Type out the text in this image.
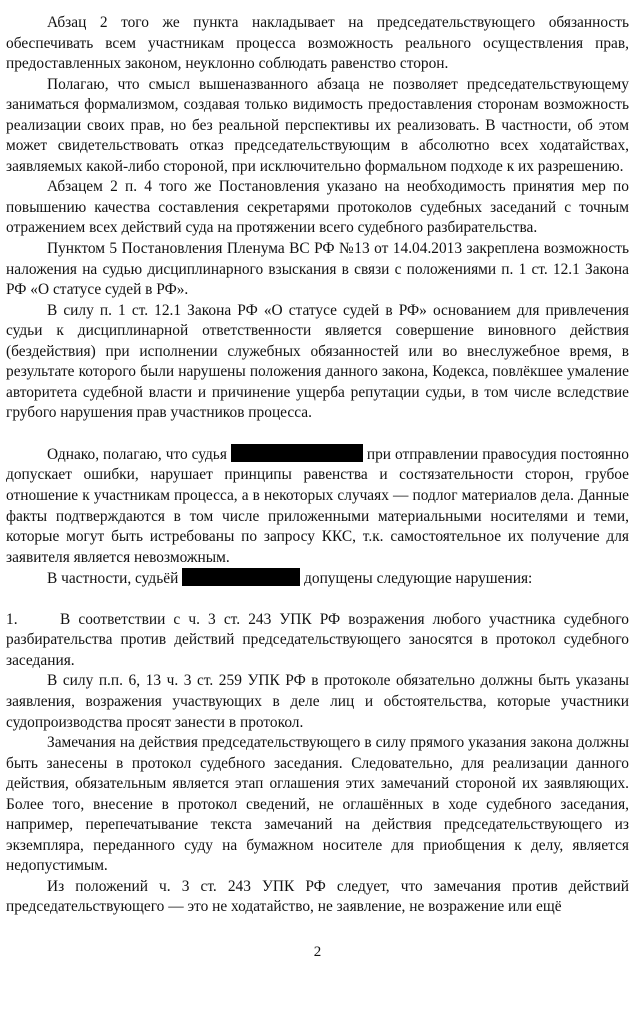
Абзац 2 того же пункта накладывает на председательствующего обязанность обеспечивать всем участникам процесса возможность реального осуществления прав, предоставленных законом, неуклонно соблюдать равенство сторон.

Полагаю, что смысл вышеназванного абзаца не позволяет председательствующему заниматься формализмом, создавая только видимость предоставления сторонам возможность реализации своих прав, но без реальной перспективы их реализовать. В частности, об этом может свидетельствовать отказ председательствующим в абсолютно всех ходатайствах, заявляемых какой-либо стороной, при исключительно формальном подходе к их разрешению.

Абзацем 2 п. 4 того же Постановления указано на необходимость принятия мер по повышению качества составления секретарями протоколов судебных заседаний с точным отражением всех действий суда на протяжении всего судебного разбирательства.

Пунктом 5 Постановления Пленума ВС РФ №13 от 14.04.2013 закреплена возможность наложения на судью дисциплинарного взыскания в связи с положениями п. 1 ст. 12.1 Закона РФ «О статусе судей в РФ».

В силу п. 1 ст. 12.1 Закона РФ «О статусе судей в РФ» основанием для привлечения судьи к дисциплинарной ответственности является совершение виновного действия (бездействия) при исполнении служебных обязанностей или во внеслужебное время, в результате которого были нарушены положения данного закона, Кодекса, повлёкшее умаление авторитета судебной власти и причинение ущерба репутации судьи, в том числе вследствие грубого нарушения прав участников процесса.

Однако, полагаю, что судья	при отправлении правосудия постоянно допускает ошибки, нарушает принципы равенства и состязательности сторон, грубое отношение к участникам процесса, а в некоторых случаях — подлог материалов дела. Данные факты подтверждаются в том числе приложенными материальными носителями и теми, которые могут быть истребованы по запросу ККС, т.к. самостоятельное их получение для заявителя является невозможным.

В частности, судьёй	допущены следующие нарушения:

1.	В соответствии с ч. 3 ст. 243 УПК РФ возражения любого участника судебного разбирательства против действий председательствующего заносятся в протокол судебного заседания.

В силу п.п. 6, 13 ч. 3 ст. 259 УПК РФ в протоколе обязательно должны быть указаны заявления, возражения участвующих в деле лиц и обстоятельства, которые участники судопроизводства просят занести в протокол.

Замечания на действия председательствующего в силу прямого указания закона должны быть занесены в протокол судебного заседания. Следовательно, для реализации данного действия, обязательным является этап оглашения этих замечаний стороной их заявляющих. Более того, внесение в протокол сведений, не оглашённых в ходе судебного заседания, например, перепечатывание текста замечаний на действия председательствующего из экземпляра, переданного суду на бумажном носителе для приобщения к делу, является недопустимым.

Из положений ч. 3 ст. 243 УПК РФ следует, что замечания против действий председательствующего — это не ходатайство, не заявление, не возражение или ещё

2
